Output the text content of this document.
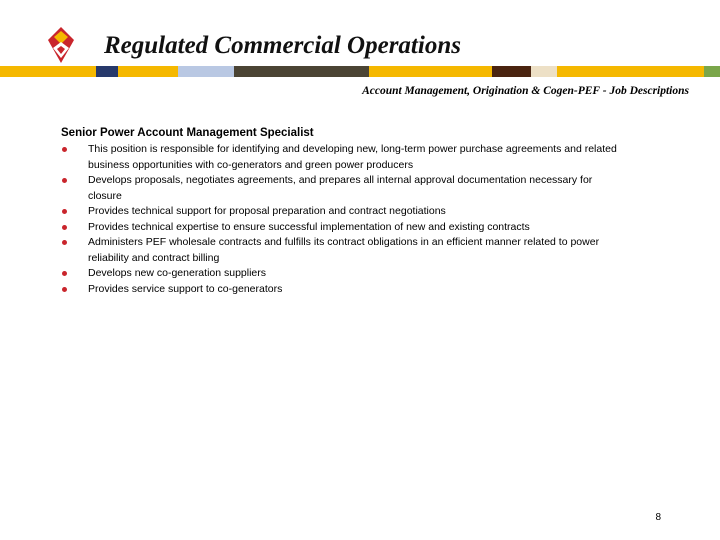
Regulated Commercial Operations
Account Management, Origination & Cogen-PEF - Job Descriptions
Senior Power Account Management Specialist
This position is responsible for identifying and developing new, long-term power purchase agreements and related business opportunities with co-generators and green power producers
Develops proposals, negotiates agreements, and prepares all internal approval documentation necessary for closure
Provides technical support for proposal preparation and contract negotiations
Provides technical expertise to ensure successful implementation of new and existing contracts
Administers PEF wholesale contracts and fulfills its contract obligations in an efficient manner related to power reliability and contract billing
Develops new co-generation suppliers
Provides service support to co-generators
8
